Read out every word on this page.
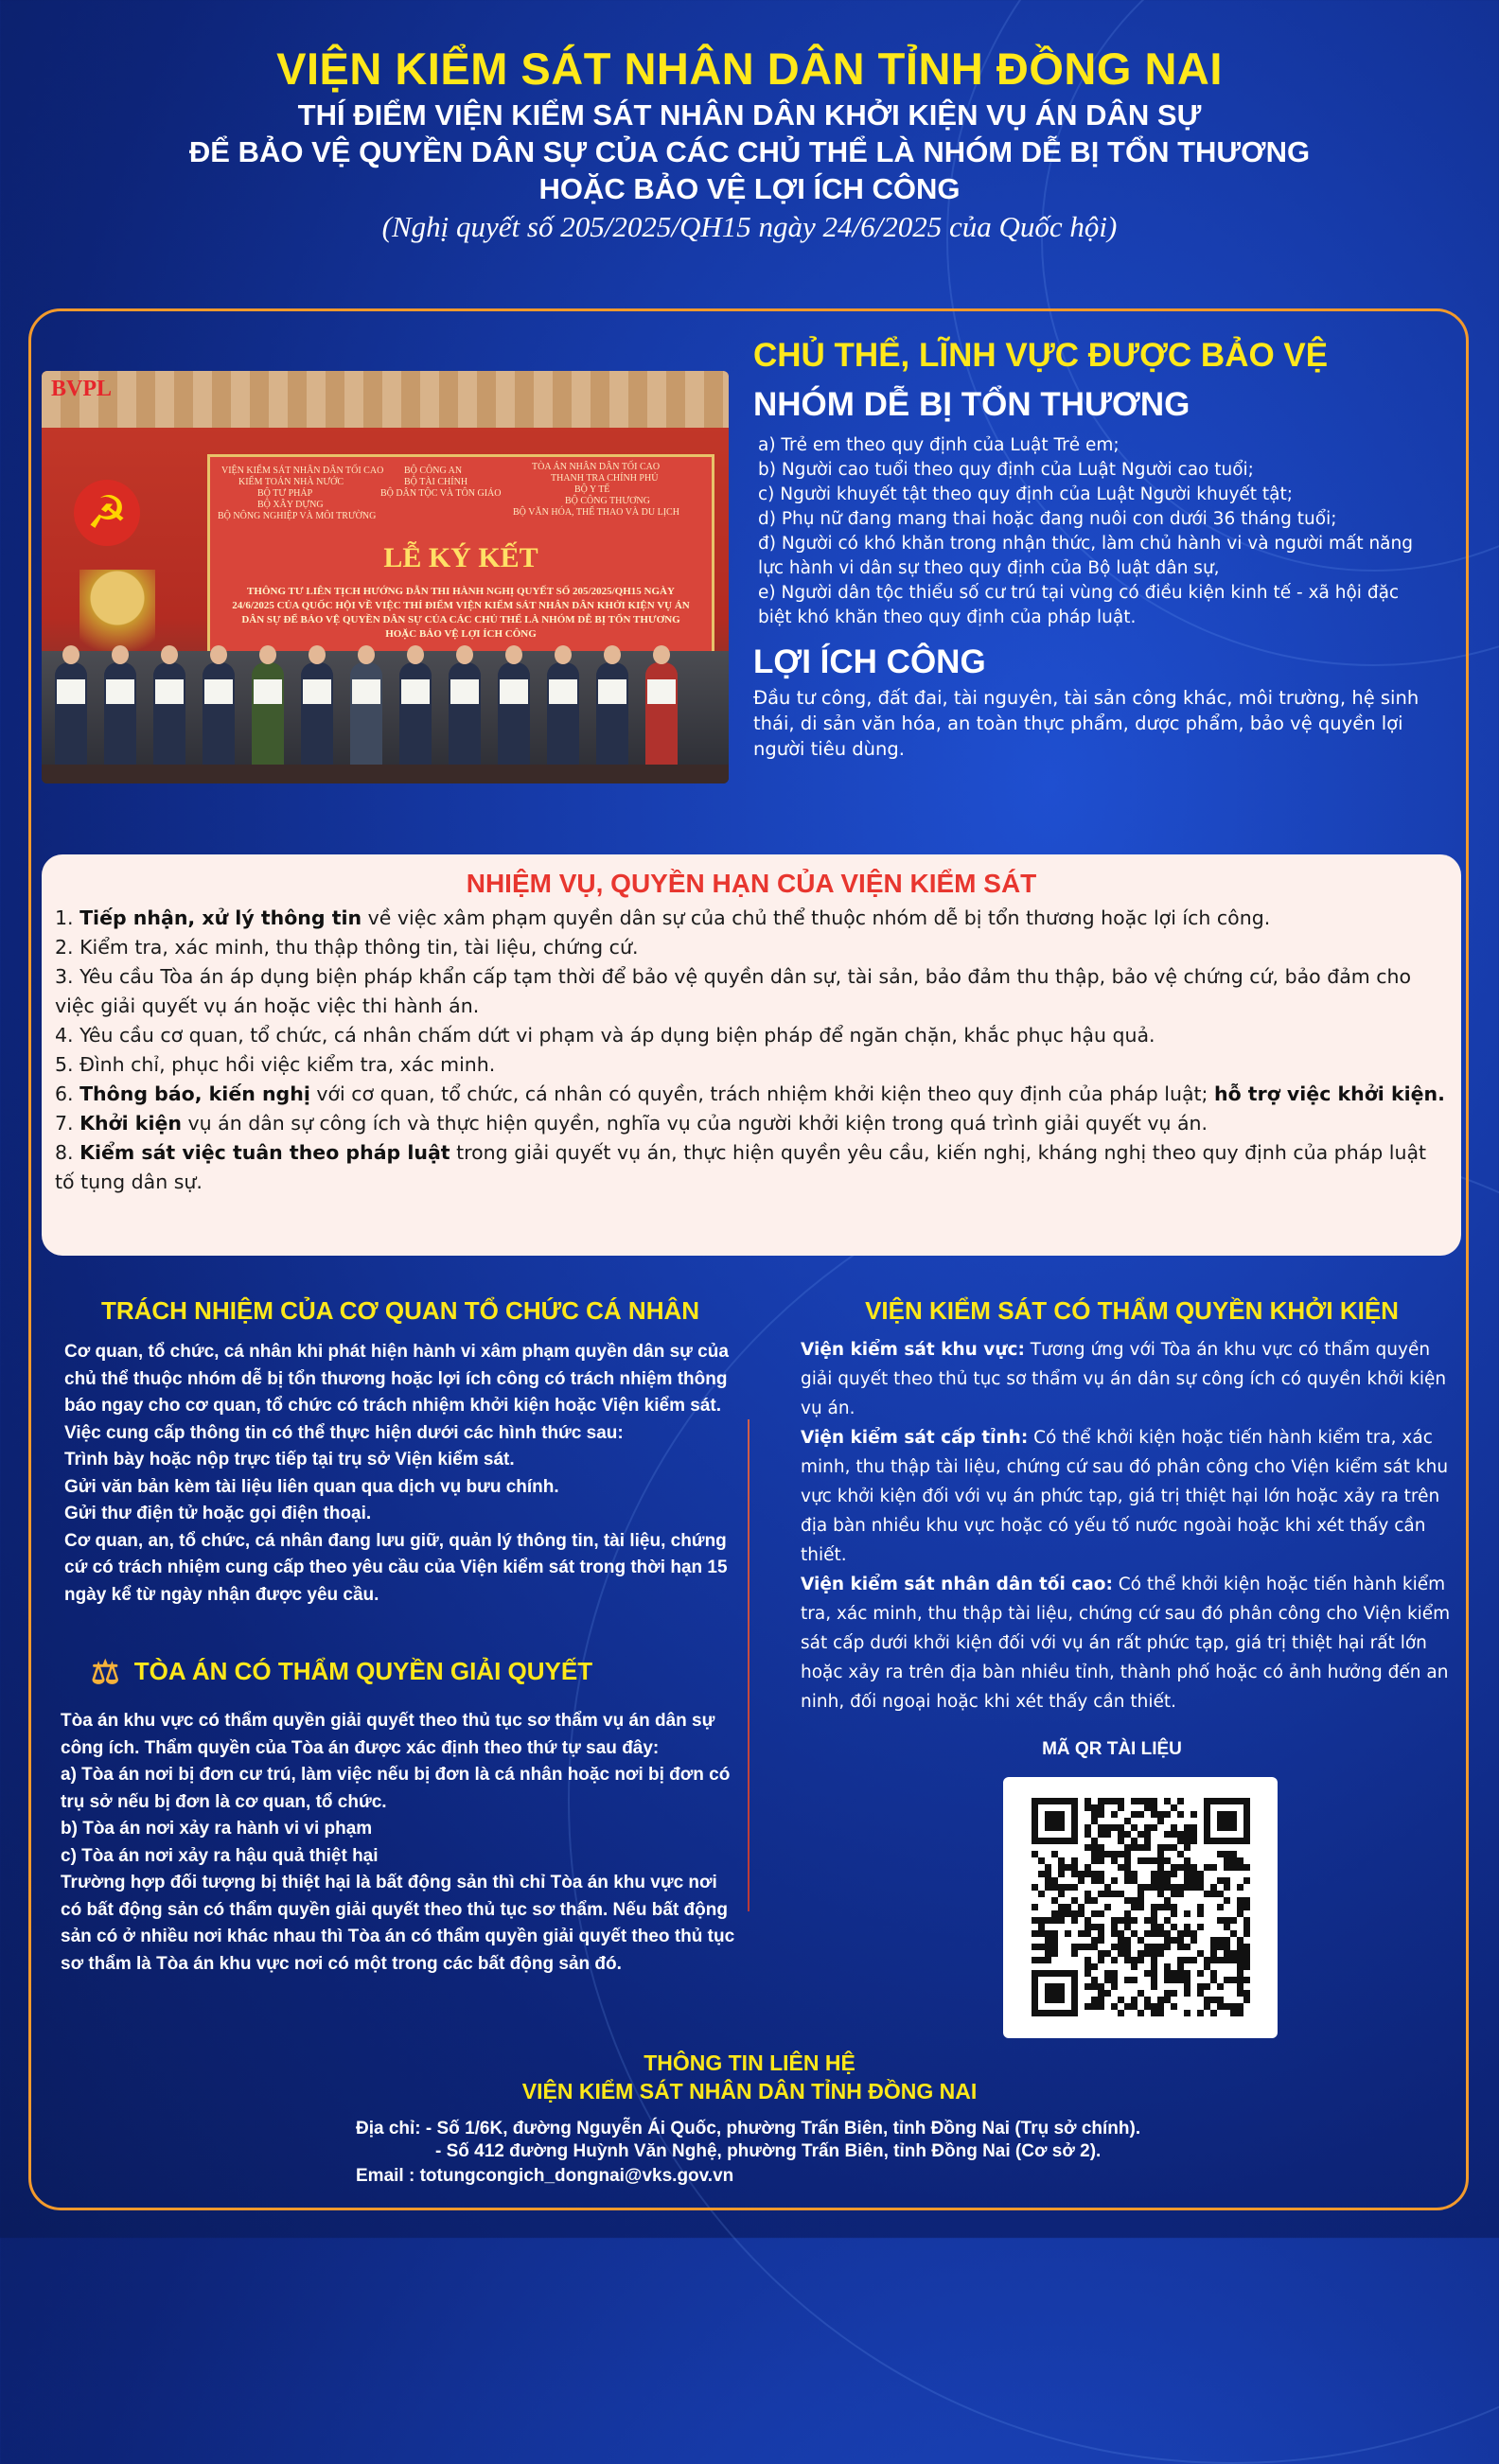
VIỆN KIỂM SÁT NHÂN DÂN TỈNH ĐỒNG NAI
THÍ ĐIỂM VIỆN KIỂM SÁT NHÂN DÂN KHỞI KIỆN VỤ ÁN DÂN SỰ
ĐỂ BẢO VỆ QUYỀN DÂN SỰ CỦA CÁC CHỦ THỂ LÀ NHÓM DỄ BỊ TỔN THƯƠNG
HOẶC BẢO VỆ LỢI ÍCH CÔNG
(Nghị quyết số 205/2025/QH15 ngày 24/6/2025 của Quốc hội)
BVPL
☭
VIỆN KIỂM SÁT NHÂN DÂN TỐI CAO
KIỂM TOÁN NHÀ NƯỚC
BỘ TƯ PHÁP
BỘ XÂY DỰNG
BỘ NÔNG NGHIỆP VÀ MÔI TRƯỜNG
BỘ CÔNG AN
BỘ TÀI CHÍNH
BỘ DÂN TỘC VÀ TÔN GIÁO
TÒA ÁN NHÂN DÂN TỐI CAO
THANH TRA CHÍNH PHỦ
BỘ Y TẾ
BỘ CÔNG THƯƠNG
BỘ VĂN HÓA, THỂ THAO VÀ DU LỊCH
LỄ KÝ KẾT
THÔNG TƯ LIÊN TỊCH HƯỚNG DẪN THI HÀNH NGHỊ QUYẾT SỐ 205/2025/QH15 NGÀY 24/6/2025 CỦA QUỐC HỘI VỀ VIỆC THÍ ĐIỂM VIỆN KIỂM SÁT NHÂN DÂN KHỞI KIỆN VỤ ÁN DÂN SỰ ĐỂ BẢO VỆ QUYỀN DÂN SỰ CỦA CÁC CHỦ THỂ LÀ NHÓM DỄ BỊ TỔN THƯƠNG HOẶC BẢO VỆ LỢI ÍCH CÔNG
CHỦ THỂ, LĨNH VỰC ĐƯỢC BẢO VỆ
NHÓM DỄ BỊ TỔN THƯƠNG
a) Trẻ em theo quy định của Luật Trẻ em;
b) Người cao tuổi theo quy định của Luật Người cao tuổi;
c) Người khuyết tật theo quy định của Luật Người khuyết tật;
d) Phụ nữ đang mang thai hoặc đang nuôi con dưới 36 tháng tuổi;
đ) Người có khó khăn trong nhận thức, làm chủ hành vi và người mất năng lực hành vi dân sự theo quy định của Bộ luật dân sự,
e) Người dân tộc thiểu số cư trú tại vùng có điều kiện kinh tế - xã hội đặc biệt khó khăn theo quy định của pháp luật.
LỢI ÍCH CÔNG
Đầu tư công, đất đai, tài nguyên, tài sản công khác, môi trường, hệ sinh thái, di sản văn hóa, an toàn thực phẩm, dược phẩm, bảo vệ quyền lợi người tiêu dùng.
NHIỆM VỤ, QUYỀN HẠN CỦA VIỆN KIỂM SÁT
1. Tiếp nhận, xử lý thông tin về việc xâm phạm quyền dân sự của chủ thể thuộc nhóm dễ bị tổn thương hoặc lợi ích công.
2. Kiểm tra, xác minh, thu thập thông tin, tài liệu, chứng cứ.
3. Yêu cầu Tòa án áp dụng biện pháp khẩn cấp tạm thời để bảo vệ quyền dân sự, tài sản, bảo đảm thu thập, bảo vệ chứng cứ, bảo đảm cho việc giải quyết vụ án hoặc việc thi hành án.
4. Yêu cầu cơ quan, tổ chức, cá nhân chấm dứt vi phạm và áp dụng biện pháp để ngăn chặn, khắc phục hậu quả.
5. Đình chỉ, phục hồi việc kiểm tra, xác minh.
6. Thông báo, kiến nghị với cơ quan, tổ chức, cá nhân có quyền, trách nhiệm khởi kiện theo quy định của pháp luật; hỗ trợ việc khởi kiện.
7. Khởi kiện vụ án dân sự công ích và thực hiện quyền, nghĩa vụ của người khởi kiện trong quá trình giải quyết vụ án.
8. Kiểm sát việc tuân theo pháp luật trong giải quyết vụ án, thực hiện quyền yêu cầu, kiến nghị, kháng nghị theo quy định của pháp luật tố tụng dân sự.
TRÁCH NHIỆM CỦA CƠ QUAN TỔ CHỨC CÁ NHÂN
Cơ quan, tổ chức, cá nhân khi phát hiện hành vi xâm phạm quyền dân sự của chủ thể thuộc nhóm dễ bị tổn thương hoặc lợi ích công có trách nhiệm thông báo ngay cho cơ quan, tổ chức có trách nhiệm khởi kiện hoặc Viện kiểm sát.
Việc cung cấp thông tin có thể thực hiện dưới các hình thức sau:
Trình bày hoặc nộp trực tiếp tại trụ sở Viện kiểm sát.
Gửi văn bản kèm tài liệu liên quan qua dịch vụ bưu chính.
Gửi thư điện tử hoặc gọi điện thoại.
Cơ quan, an, tổ chức, cá nhân đang lưu giữ, quản lý thông tin, tài liệu, chứng cứ có trách nhiệm cung cấp theo yêu cầu của Viện kiểm sát trong thời hạn 15 ngày kể từ ngày nhận được yêu cầu.
⚖ TÒA ÁN CÓ THẨM QUYỀN GIẢI QUYẾT
Tòa án khu vực có thẩm quyền giải quyết theo thủ tục sơ thẩm vụ án dân sự công ích. Thẩm quyền của Tòa án được xác định theo thứ tự sau đây:
a) Tòa án nơi bị đơn cư trú, làm việc nếu bị đơn là cá nhân hoặc nơi bị đơn có trụ sở nếu bị đơn là cơ quan, tổ chức.
b) Tòa án nơi xảy ra hành vi vi phạm
c) Tòa án nơi xảy ra hậu quả thiệt hại
Trường hợp đối tượng bị thiệt hại là bất động sản thì chỉ Tòa án khu vực nơi có bất động sản có thẩm quyền giải quyết theo thủ tục sơ thẩm. Nếu bất động sản có ở nhiều nơi khác nhau thì Tòa án có thẩm quyền giải quyết theo thủ tục sơ thẩm là Tòa án khu vực nơi có một trong các bất động sản đó.
VIỆN KIỂM SÁT CÓ THẨM QUYỀN KHỞI KIỆN
Viện kiểm sát khu vực: Tương ứng với Tòa án khu vực có thẩm quyền giải quyết theo thủ tục sơ thẩm vụ án dân sự công ích có quyền khởi kiện vụ án.
Viện kiểm sát cấp tỉnh: Có thể khởi kiện hoặc tiến hành kiểm tra, xác minh, thu thập tài liệu, chứng cứ sau đó phân công cho Viện kiểm sát khu vực khởi kiện đối với vụ án phức tạp, giá trị thiệt hại lớn hoặc xảy ra trên địa bàn nhiều khu vực hoặc có yếu tố nước ngoài hoặc khi xét thấy cần thiết.
Viện kiểm sát nhân dân tối cao: Có thể khởi kiện hoặc tiến hành kiểm tra, xác minh, thu thập tài liệu, chứng cứ sau đó phân công cho Viện kiểm sát cấp dưới khởi kiện đối với vụ án rất phức tạp, giá trị thiệt hại rất lớn hoặc xảy ra trên địa bàn nhiều tỉnh, thành phố hoặc có ảnh hưởng đến an ninh, đối ngoại hoặc khi xét thấy cần thiết.
MÃ QR TÀI LIỆU
THÔNG TIN LIÊN HỆ
VIỆN KIỂM SÁT NHÂN DÂN TỈNH ĐỒNG NAI
Địa chỉ: - Số 1/6K, đường Nguyễn Ái Quốc, phường Trấn Biên, tỉnh Đồng Nai (Trụ sở chính).
- Số 412 đường Huỳnh Văn Nghệ, phường Trấn Biên, tỉnh Đồng Nai (Cơ sở 2).
Email : totungcongich_dongnai@vks.gov.vn
